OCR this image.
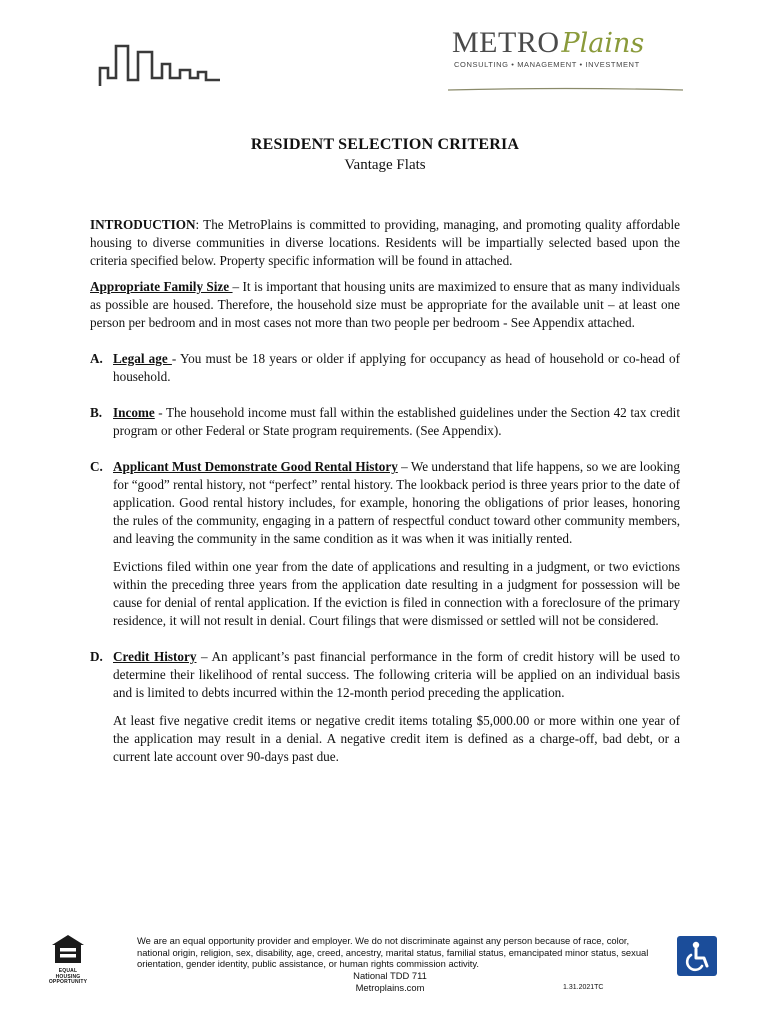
METRO Plains
CONSULTING • MANAGEMENT • INVESTMENT
RESIDENT SELECTION CRITERIA
Vantage Flats

INTRODUCTION: The MetroPlains is committed to providing, managing, and promoting quality affordable housing to diverse communities in diverse locations. Residents will be impartially selected based upon the criteria specified below. Property specific information will be found in attached.

Appropriate Family Size – It is important that housing units are maximized to ensure that as many individuals as possible are housed. Therefore, the household size must be appropriate for the available unit – at least one person per bedroom and in most cases not more than two people per bedroom - See Appendix attached.

A. Legal age - You must be 18 years or older if applying for occupancy as head of household or co-head of household.

B. Income - The household income must fall within the established guidelines under the Section 42 tax credit program or other Federal or State program requirements. (See Appendix).

C. Applicant Must Demonstrate Good Rental History – We understand that life happens, so we are looking for “good” rental history, not “perfect” rental history. The lookback period is three years prior to the date of application. Good rental history includes, for example, honoring the obligations of prior leases, honoring the rules of the community, engaging in a pattern of respectful conduct toward other community members, and leaving the community in the same condition as it was when it was initially rented.

Evictions filed within one year from the date of applications and resulting in a judgment, or two evictions within the preceding three years from the application date resulting in a judgment for possession will be cause for denial of rental application. If the eviction is filed in connection with a foreclosure of the primary residence, it will not result in denial. Court filings that were dismissed or settled will not be considered.

D. Credit History – An applicant’s past financial performance in the form of credit history will be used to determine their likelihood of rental success. The following criteria will be applied on an individual basis and is limited to debts incurred within the 12-month period preceding the application.

At least five negative credit items or negative credit items totaling $5,000.00 or more within one year of the application may result in a denial. A negative credit item is defined as a charge-off, bad debt, or a current late account over 90-days past due.

EQUAL HOUSING OPPORTUNITY
We are an equal opportunity provider and employer. We do not discriminate against any person because of race, color, national origin, religion, sex, disability, age, creed, ancestry, marital status, familial status, emancipated minor status, sexual orientation, gender identity, public assistance, or human rights commission activity.
National TDD 711
Metroplains.com	1.31.2021TC
